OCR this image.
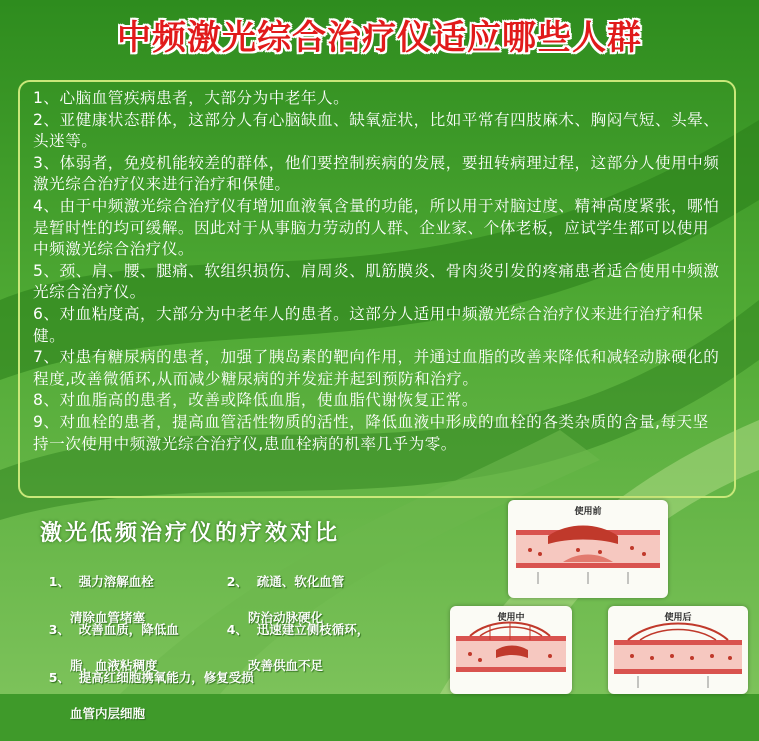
中频激光综合治疗仪适应哪些人群

1、心脑血管疾病患者，大部分为中老年人。

2、亚健康状态群体，这部分人有心脑缺血、缺氧症状，比如平常有四肢麻木、胸闷气短、头晕、头迷等。

3、体弱者，免疫机能较差的群体，他们要控制疾病的发展，要扭转病理过程，这部分人使用中频激光综合治疗仪来进行治疗和保健。

4、由于中频激光综合治疗仪有增加血液氧含量的功能，所以用于对脑过度、精神高度紧张，哪怕是暂时性的均可缓解。因此对于从事脑力劳动的人群、企业家、个体老板，应试学生都可以使用中频激光综合治疗仪。

5、颈、肩、腰、腿痛、软组织损伤、肩周炎、肌筋膜炎、骨肉炎引发的疼痛患者适合使用中频激光综合治疗仪。

6、对血粘度高，大部分为中老年人的患者。这部分人适用中频激光综合治疗仪来进行治疗和保健。

7、对患有糖尿病的患者，加强了胰岛素的靶向作用，并通过血脂的改善来降低和减轻动脉硬化的程度,改善微循环,从而减少糖尿病的并发症并起到预防和治疗。

8、对血脂高的患者，改善或降低血脂，使血脂代谢恢复正常。

9、对血栓的患者，提高血管活性物质的活性，降低血液中形成的血栓的各类杂质的含量,每天坚持一次使用中频激光综合治疗仪,患血栓病的机率几乎为零。

激光低频治疗仪的疗效对比

1、 强力溶解血栓

清除血管堵塞

2、 疏通、软化血管

防治动脉硬化

3、 改善血质，降低血

脂，血液粘稠度

4、 迅速建立侧枝循环，

改善供血不足

5、 提高红细胞携氧能力，修复受损

血管内层细胞

使用前
使用中	使用后
